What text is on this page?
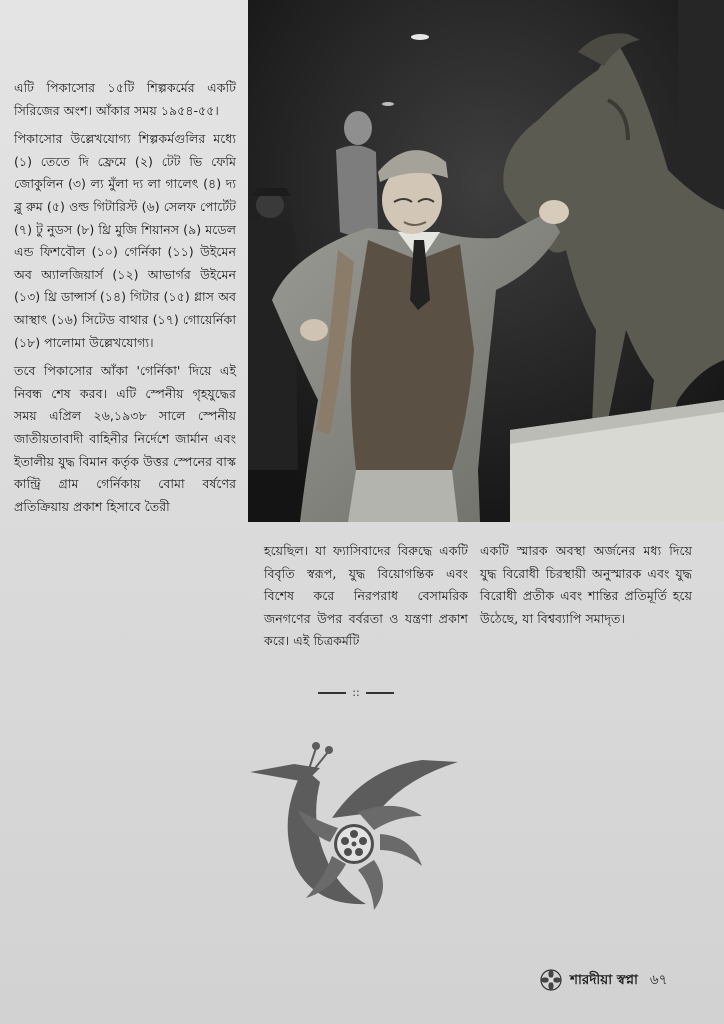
এটি পিকাসোর ১৫টি শিল্পকর্মের একটি সিরিজের অংশ। আঁকার সময় ১৯৫৪-৫৫।

পিকাসোর উল্লেখযোগ্য শিল্পকর্মগুলির মধ্যে (১) তেতে দি ফ্রেমে (২) টেট ভি ফেমি জোকুলিন (৩) ল্য মুঁলা দ্য লা গালেৎ (৪) দ্য ব্লু রুম (৫) ওল্ড গিটারিস্ট (৬) সেলফ পোর্টেট (৭) টু নুডস (৮) থ্রি মুজি শিয়ানস (৯) মডেল এন্ড ফিশবৌল (১০) গের্নিকা (১১) উইমেন অব অ্যালজিয়ার্স (১২) আভার্গর উইমেন (১৩) থ্রি ডান্সার্স (১৪) গিটার (১৫) গ্লাস অব আস্থাৎ (১৬) সিটেড বাথার (১৭) গোয়ের্নিকা (১৮) পালোমা উল্লেখযোগ্য।

তবে পিকাসোর আঁকা 'গের্নিকা' দিয়ে এই নিবন্ধ শেষ করব। এটি স্পেনীয় গৃহযুদ্ধের সময় এপ্রিল ২৬,১৯৩৮ সালে স্পেনীয় জাতীয়তাবাদী বাহিনীর নির্দেশে জার্মান এবং ইতালীয় যুদ্ধ বিমান কর্তৃক উত্তর স্পেনের বাস্ক কান্ট্রি গ্রাম গের্নিকায় বোমা বর্ষণের প্রতিক্রিয়ায় প্রকাশ হিসাবে তৈরী

হয়েছিল। যা ফ্যাসিবাদের বিরুদ্ধে একটি বিবৃতি স্বরূপ, যুদ্ধ বিয়োগন্তিক এবং বিশেষ করে নিরপরাধ বেসামরিক জনগণের উপর বর্বরতা ও যন্ত্রণা প্রকাশ করে। এই চিত্রকর্মটি

একটি স্মারক অবস্থা অর্জনের মধ্য দিয়ে যুদ্ধ বিরোধী চিরস্থায়ী অনুস্মারক এবং যুদ্ধ বিরোধী প্রতীক এবং শান্তির প্রতিমূর্তি হয়ে উঠেছে, যা বিশ্বব্যাপি সমাদৃত।

::
শারদীয়া স্বপ্না ৬৭
